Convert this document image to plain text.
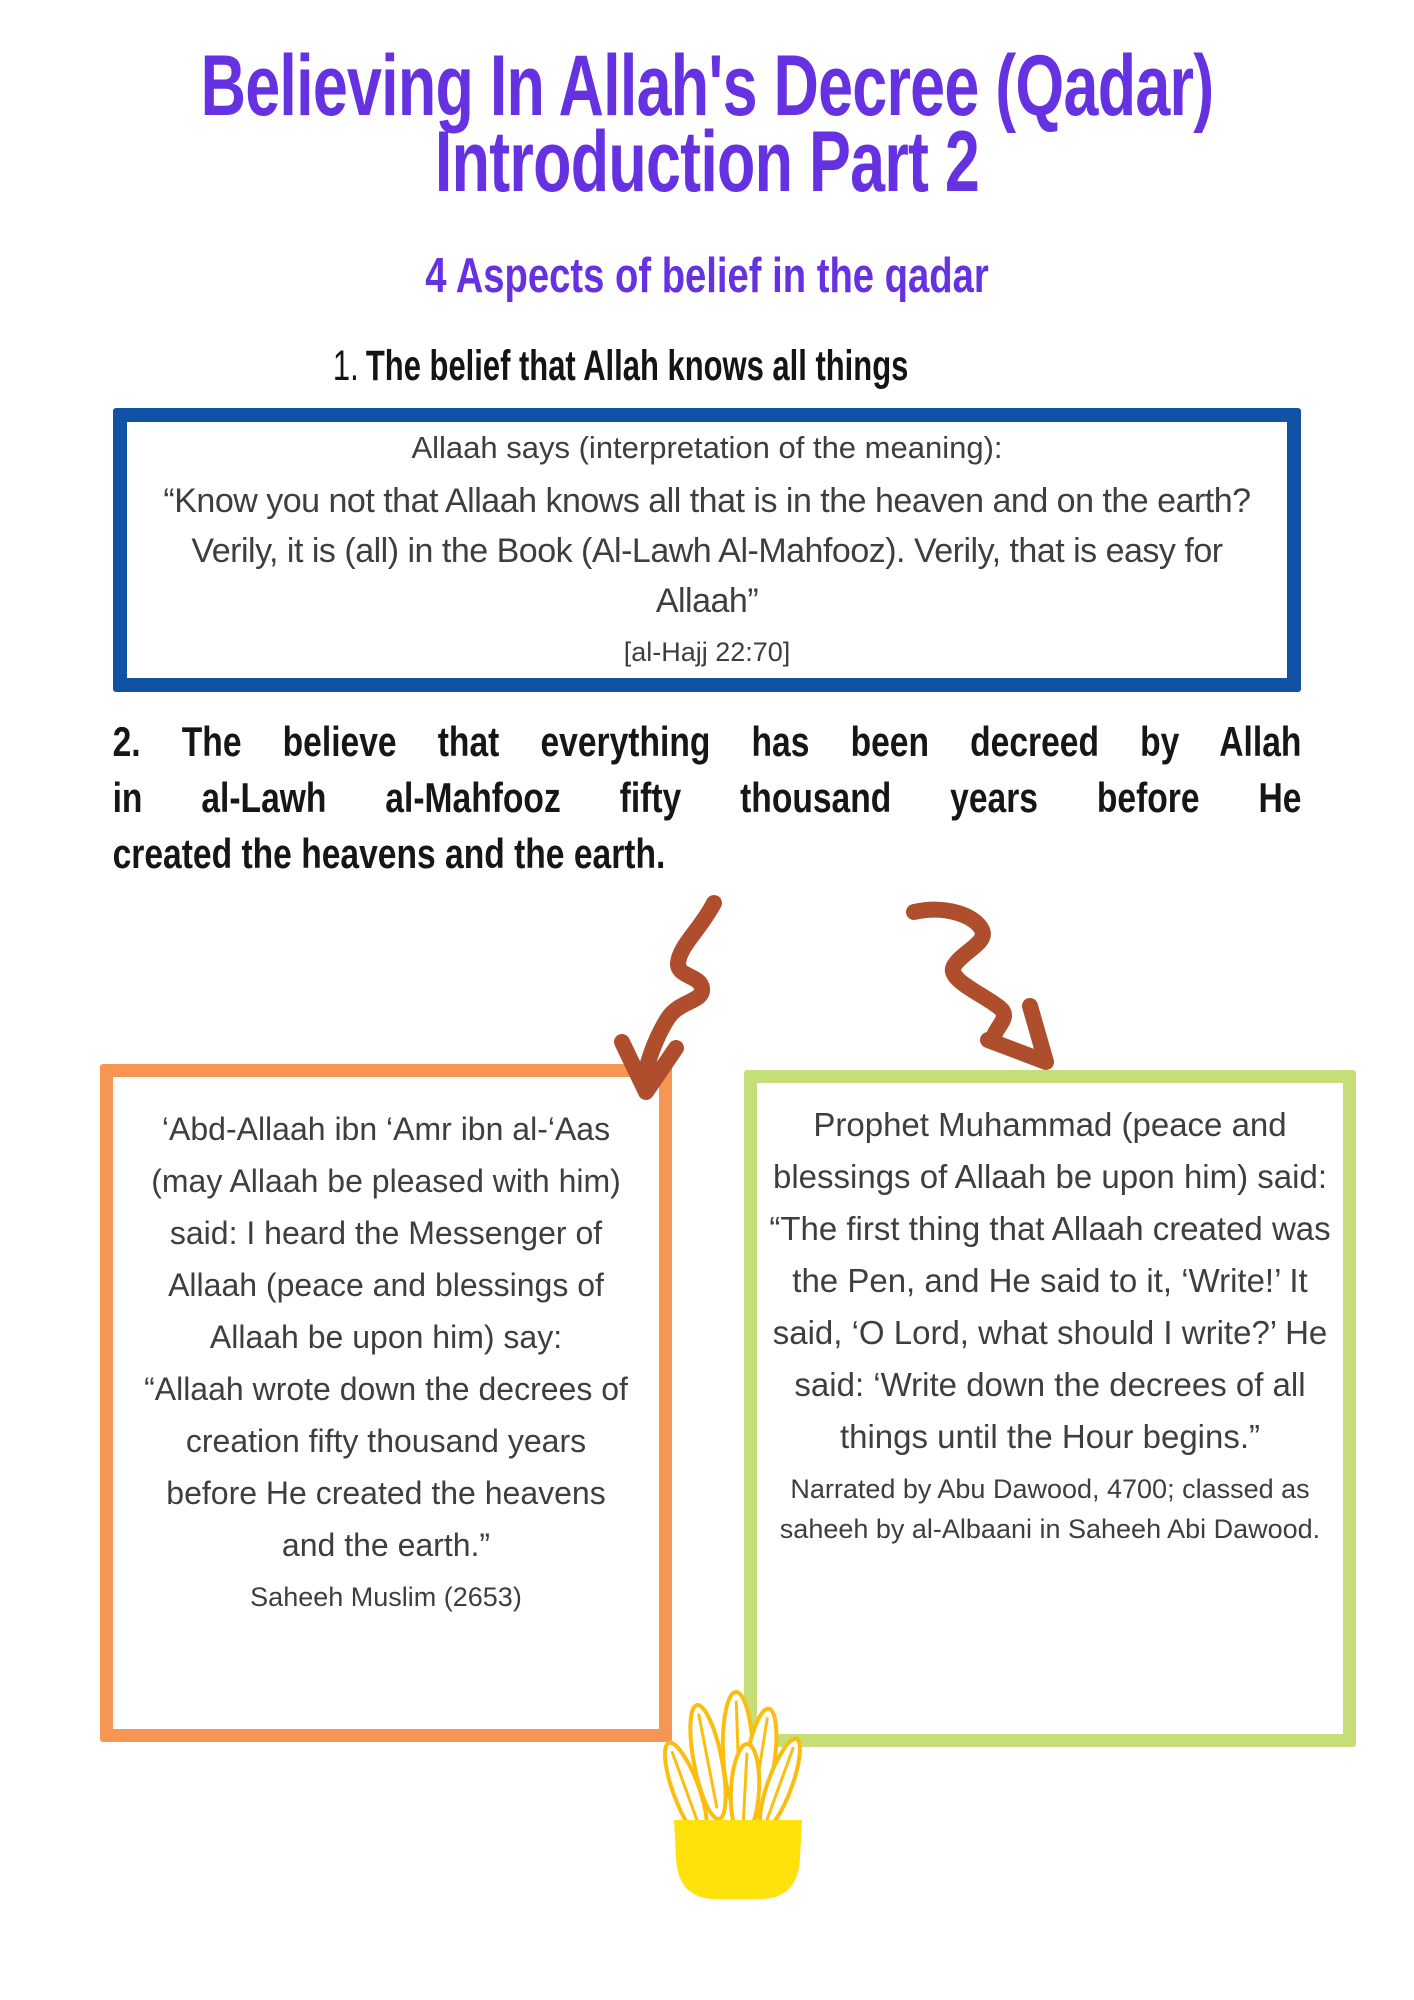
Believing In Allah's Decree (Qadar)
Introduction Part 2
4 Aspects of belief in the qadar
1. The belief that Allah knows all things
Allaah says (interpretation of the meaning):
“Know you not that Allaah knows all that is in the heaven and on the earth? Verily, it is (all) in the Book (Al-Lawh Al-Mahfooz). Verily, that is easy for Allaah”
[al-Hajj 22:70]
2. The believe that everything has been decreed by Allah
in al-Lawh al-Mahfooz fifty thousand years before He
created the heavens and the earth.

‘Abd-Allaah ibn ‘Amr ibn al-‘Aas (may Allaah be pleased with him) said: I heard the Messenger of Allaah (peace and blessings of Allaah be upon him) say:

“Allaah wrote down the decrees of creation fifty thousand years before He created the heavens and the earth.”

Saheeh Muslim (2653)

Prophet Muhammad (peace and blessings of Allaah be upon him) said:

“The first thing that Allaah created was the Pen, and He said to it, ‘Write!’ It said, ‘O Lord, what should I write?’ He said: ‘Write down the decrees of all things until the Hour begins.”

Narrated by Abu Dawood, 4700; classed as saheeh by al-Albaani in Saheeh Abi Dawood.
